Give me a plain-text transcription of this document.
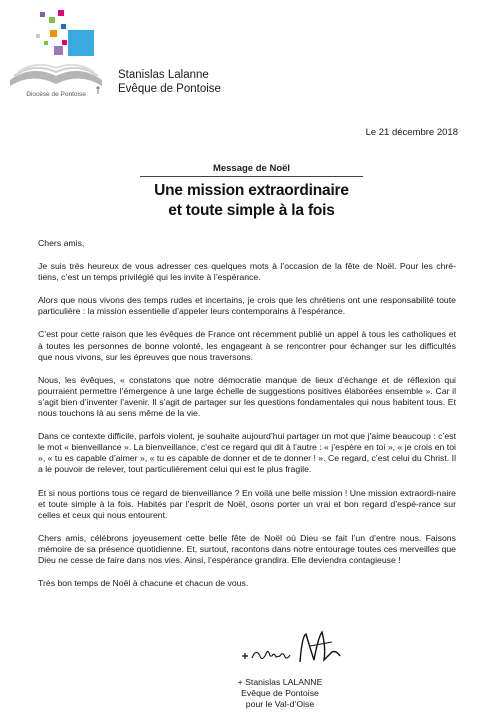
Diocèse de Pontoise
Stanislas Lalanne
Evêque de Pontoise
Le 21 décembre 2018
Message de Noël
Une mission extraordinaire
et toute simple à la fois

Chers amis,

Je suis très heureux de vous adresser ces quelques mots à l’occasion de la fête de Noël. Pour les chré-tiens, c’est un temps privilégié qui les invite à l’espérance.

Alors que nous vivons des temps rudes et incertains, je crois que les chrétiens ont une responsabilité toute particulière : la mission essentielle d’appeler leurs contemporains à l’espérance.

C’est pour cette raison que les évêques de France ont récemment publié un appel à tous les catholiques et à toutes les personnes de bonne volonté, les engageant à se rencontrer pour échanger sur les difficultés que nous vivons, sur les épreuves que nous traversons.

Nous, les évêques, « constatons que notre démocratie manque de lieux d’échange et de réflexion qui pourraient permettre l’émergence à une large échelle de suggestions positives élaborées ensemble ». Car il s’agit bien d’inventer l’avenir. Il s’agit de partager sur les questions fondamentales qui nous habitent tous. Et nous touchons là au sens même de la vie.

Dans ce contexte difficile, parfois violent, je souhaite aujourd’hui partager un mot que j’aime beaucoup : c’est le mot « bienveillance ». La bienveillance, c’est ce regard qui dit à l’autre : « j’espère en toi », « je crois en toi », « tu es capable d’aimer », « tu es capable de donner et de te donner ! ». Ce regard, c’est celui du Christ. Il a le pouvoir de relever, tout particulièrement celui qui est le plus fragile.

Et si nous portions tous ce regard de bienveillance ? En voilà une belle mission ! Une mission extraordi-naire et toute simple à la fois. Habités par l’esprit de Noël, osons porter un vrai et bon regard d’espé-rance sur celles et ceux qui nous entourent.

Chers amis, célébrons joyeusement cette belle fête de Noël où Dieu se fait l’un d’entre nous. Faisons mémoire de sa présence quotidienne. Et, surtout, racontons dans notre entourage toutes ces merveilles que Dieu ne cesse de faire dans nos vies. Ainsi, l’espérance grandira. Elle deviendra contagieuse !

Très bon temps de Noël à chacune et chacun de vous.

+ Stanislas LALANNE
Evêque de Pontoise
pour le Val-d’Oise
